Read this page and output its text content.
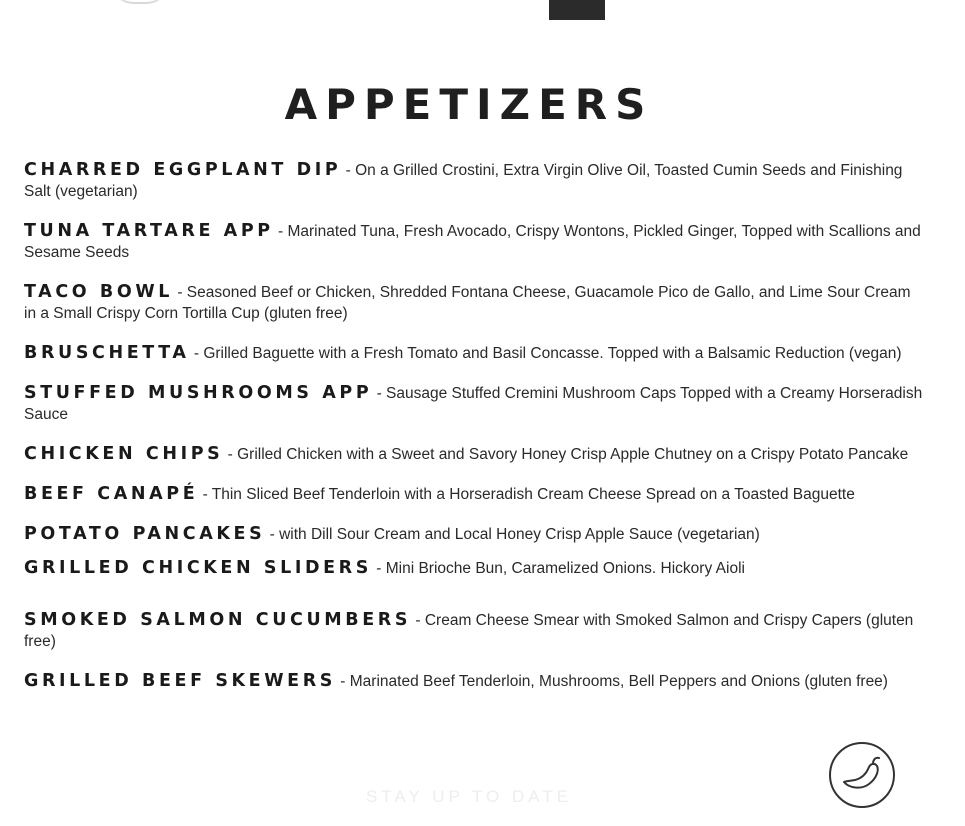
APPETIZERS

CHARRED EGGPLANT DIP - On a Grilled Crostini, Extra Virgin Olive Oil, Toasted Cumin Seeds and Finishing Salt (vegetarian)

TUNA TARTARE APP - Marinated Tuna, Fresh Avocado, Crispy Wontons, Pickled Ginger, Topped with Scallions and Sesame Seeds

TACO BOWL - Seasoned Beef or Chicken, Shredded Fontana Cheese, Guacamole Pico de Gallo, and Lime Sour Cream in a Small Crispy Corn Tortilla Cup (gluten free)

BRUSCHETTA - Grilled Baguette with a Fresh Tomato and Basil Concasse. Topped with a Balsamic Reduction (vegan)

STUFFED MUSHROOMS APP - Sausage Stuffed Cremini Mushroom Caps Topped with a Creamy Horseradish Sauce

CHICKEN CHIPS - Grilled Chicken with a Sweet and Savory Honey Crisp Apple Chutney on a Crispy Potato Pancake

BEEF CANAPÉ - Thin Sliced Beef Tenderloin with a Horseradish Cream Cheese Spread on a Toasted Baguette

POTATO PANCAKES - with Dill Sour Cream and Local Honey Crisp Apple Sauce (vegetarian)

GRILLED CHICKEN SLIDERS - Mini Brioche Bun, Caramelized Onions. Hickory Aioli

SMOKED SALMON CUCUMBERS - Cream Cheese Smear with Smoked Salmon and Crispy Capers (gluten free)

GRILLED BEEF SKEWERS - Marinated Beef Tenderloin, Mushrooms, Bell Peppers and Onions (gluten free)

STAY UP TO DATE
